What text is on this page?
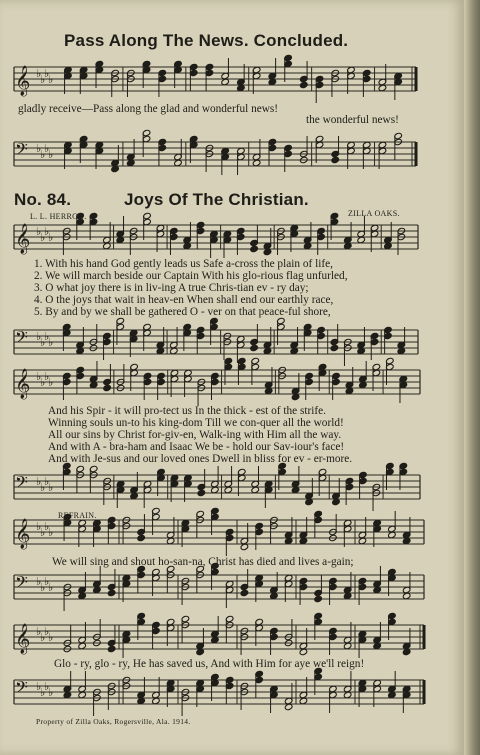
𝄞 ♭
♭
♭
♭
𝄢 ♭
♭
♭
♭
𝄞 ♭
♭
♭
♭
𝄢 ♭
♭
♭
♭
𝄞 ♭
♭
♭
♭
𝄢 ♭
♭
♭
♭
𝄞 ♭
♭
♭
♭
𝄢 ♭
♭
♭
♭
𝄞 ♭
♭
♭
♭
𝄢 ♭
♭
♭
♭
Pass Along The News. Concluded.
gladly receive—Pass along the glad and wonderful news!
the wonderful news!
No. 84.	Joys Of The Christian.
L. L. HERRON.	ZILLA OAKS.
1. With his hand God gently leads us Safe a-cross the plain of life,
2. We will march beside our Captain With his glo-rious flag unfurled,
3. O what joy there is in liv-ing A true Chris-tian ev - ry day;
4. O the joys that wait in heav-en When shall end our earthly race,
5. By and by we shall be gathered O - ver on that peace-ful shore,
And his Spir - it will pro-tect us In the thick - est of the strife.
Winning souls un-to his king-dom Till we con-quer all the world!
All our sins by Christ for-giv-en, Walk-ing with Him all the way.
And with A - bra-ham and Isaac We be - hold our Sav-iour's face!
And with Je-sus and our loved ones Dwell in bliss for ev - er-more.
REFRAIN.
We will sing and shout ho-san-na, Christ has died and lives a-gain;
Glo - ry, glo - ry, He has saved us, And with Him for aye we'll reign!
Property of Zilla Oaks, Rogersville, Ala. 1914.
